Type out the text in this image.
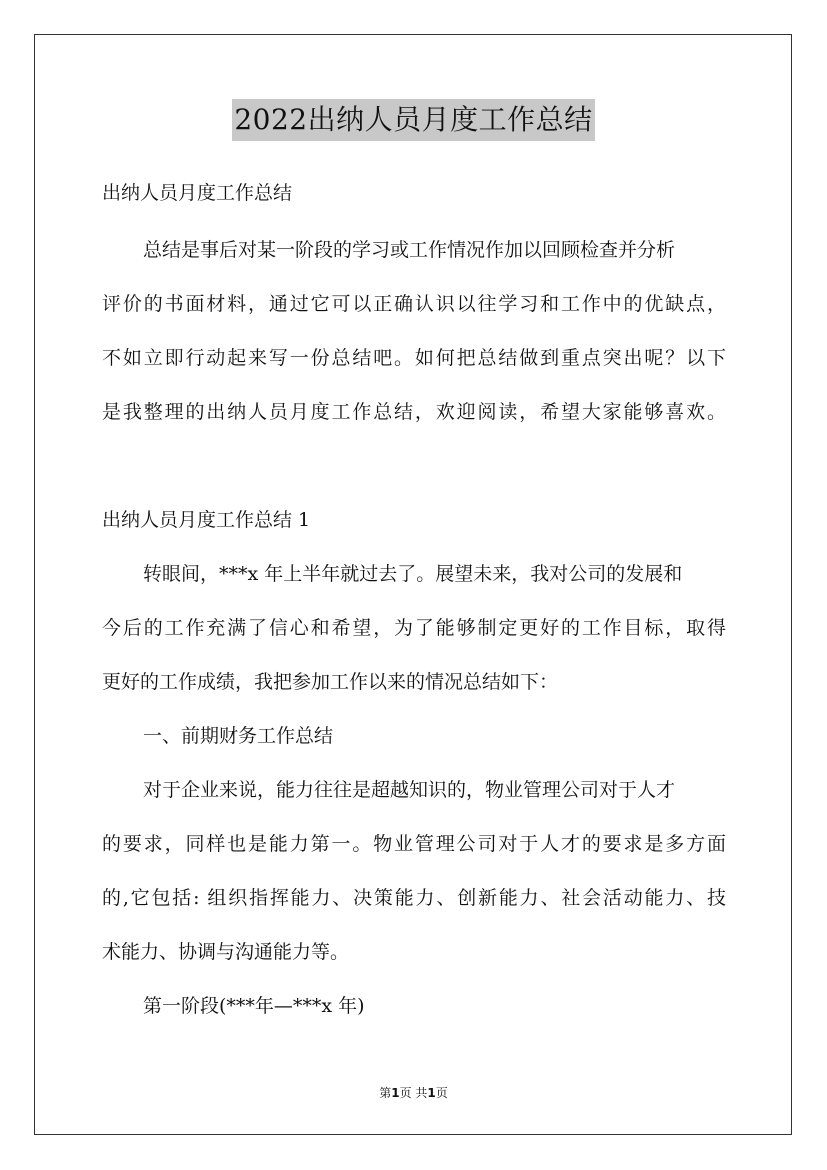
2022出纳人员月度工作总结
出纳人员月度工作总结
总结是事后对某一阶段的学习或工作情况作加以回顾检查并分析
评价的书面材料，通过它可以正确认识以往学习和工作中的优缺点，
不如立即行动起来写一份总结吧。如何把总结做到重点突出呢？以下
是我整理的出纳人员月度工作总结，欢迎阅读，希望大家能够喜欢。
出纳人员月度工作总结 1
转眼间，***x 年上半年就过去了。展望未来，我对公司的发展和
今后的工作充满了信心和希望，为了能够制定更好的工作目标，取得
更好的工作成绩，我把参加工作以来的情况总结如下：
一、前期财务工作总结
对于企业来说，能力往往是超越知识的，物业管理公司对于人才
的要求，同样也是能力第一。物业管理公司对于人才的要求是多方面
的,它包括: 组织指挥能力、决策能力、创新能力、社会活动能力、技
术能力、协调与沟通能力等。
第一阶段(***年—***x 年)
第1页 共1页
